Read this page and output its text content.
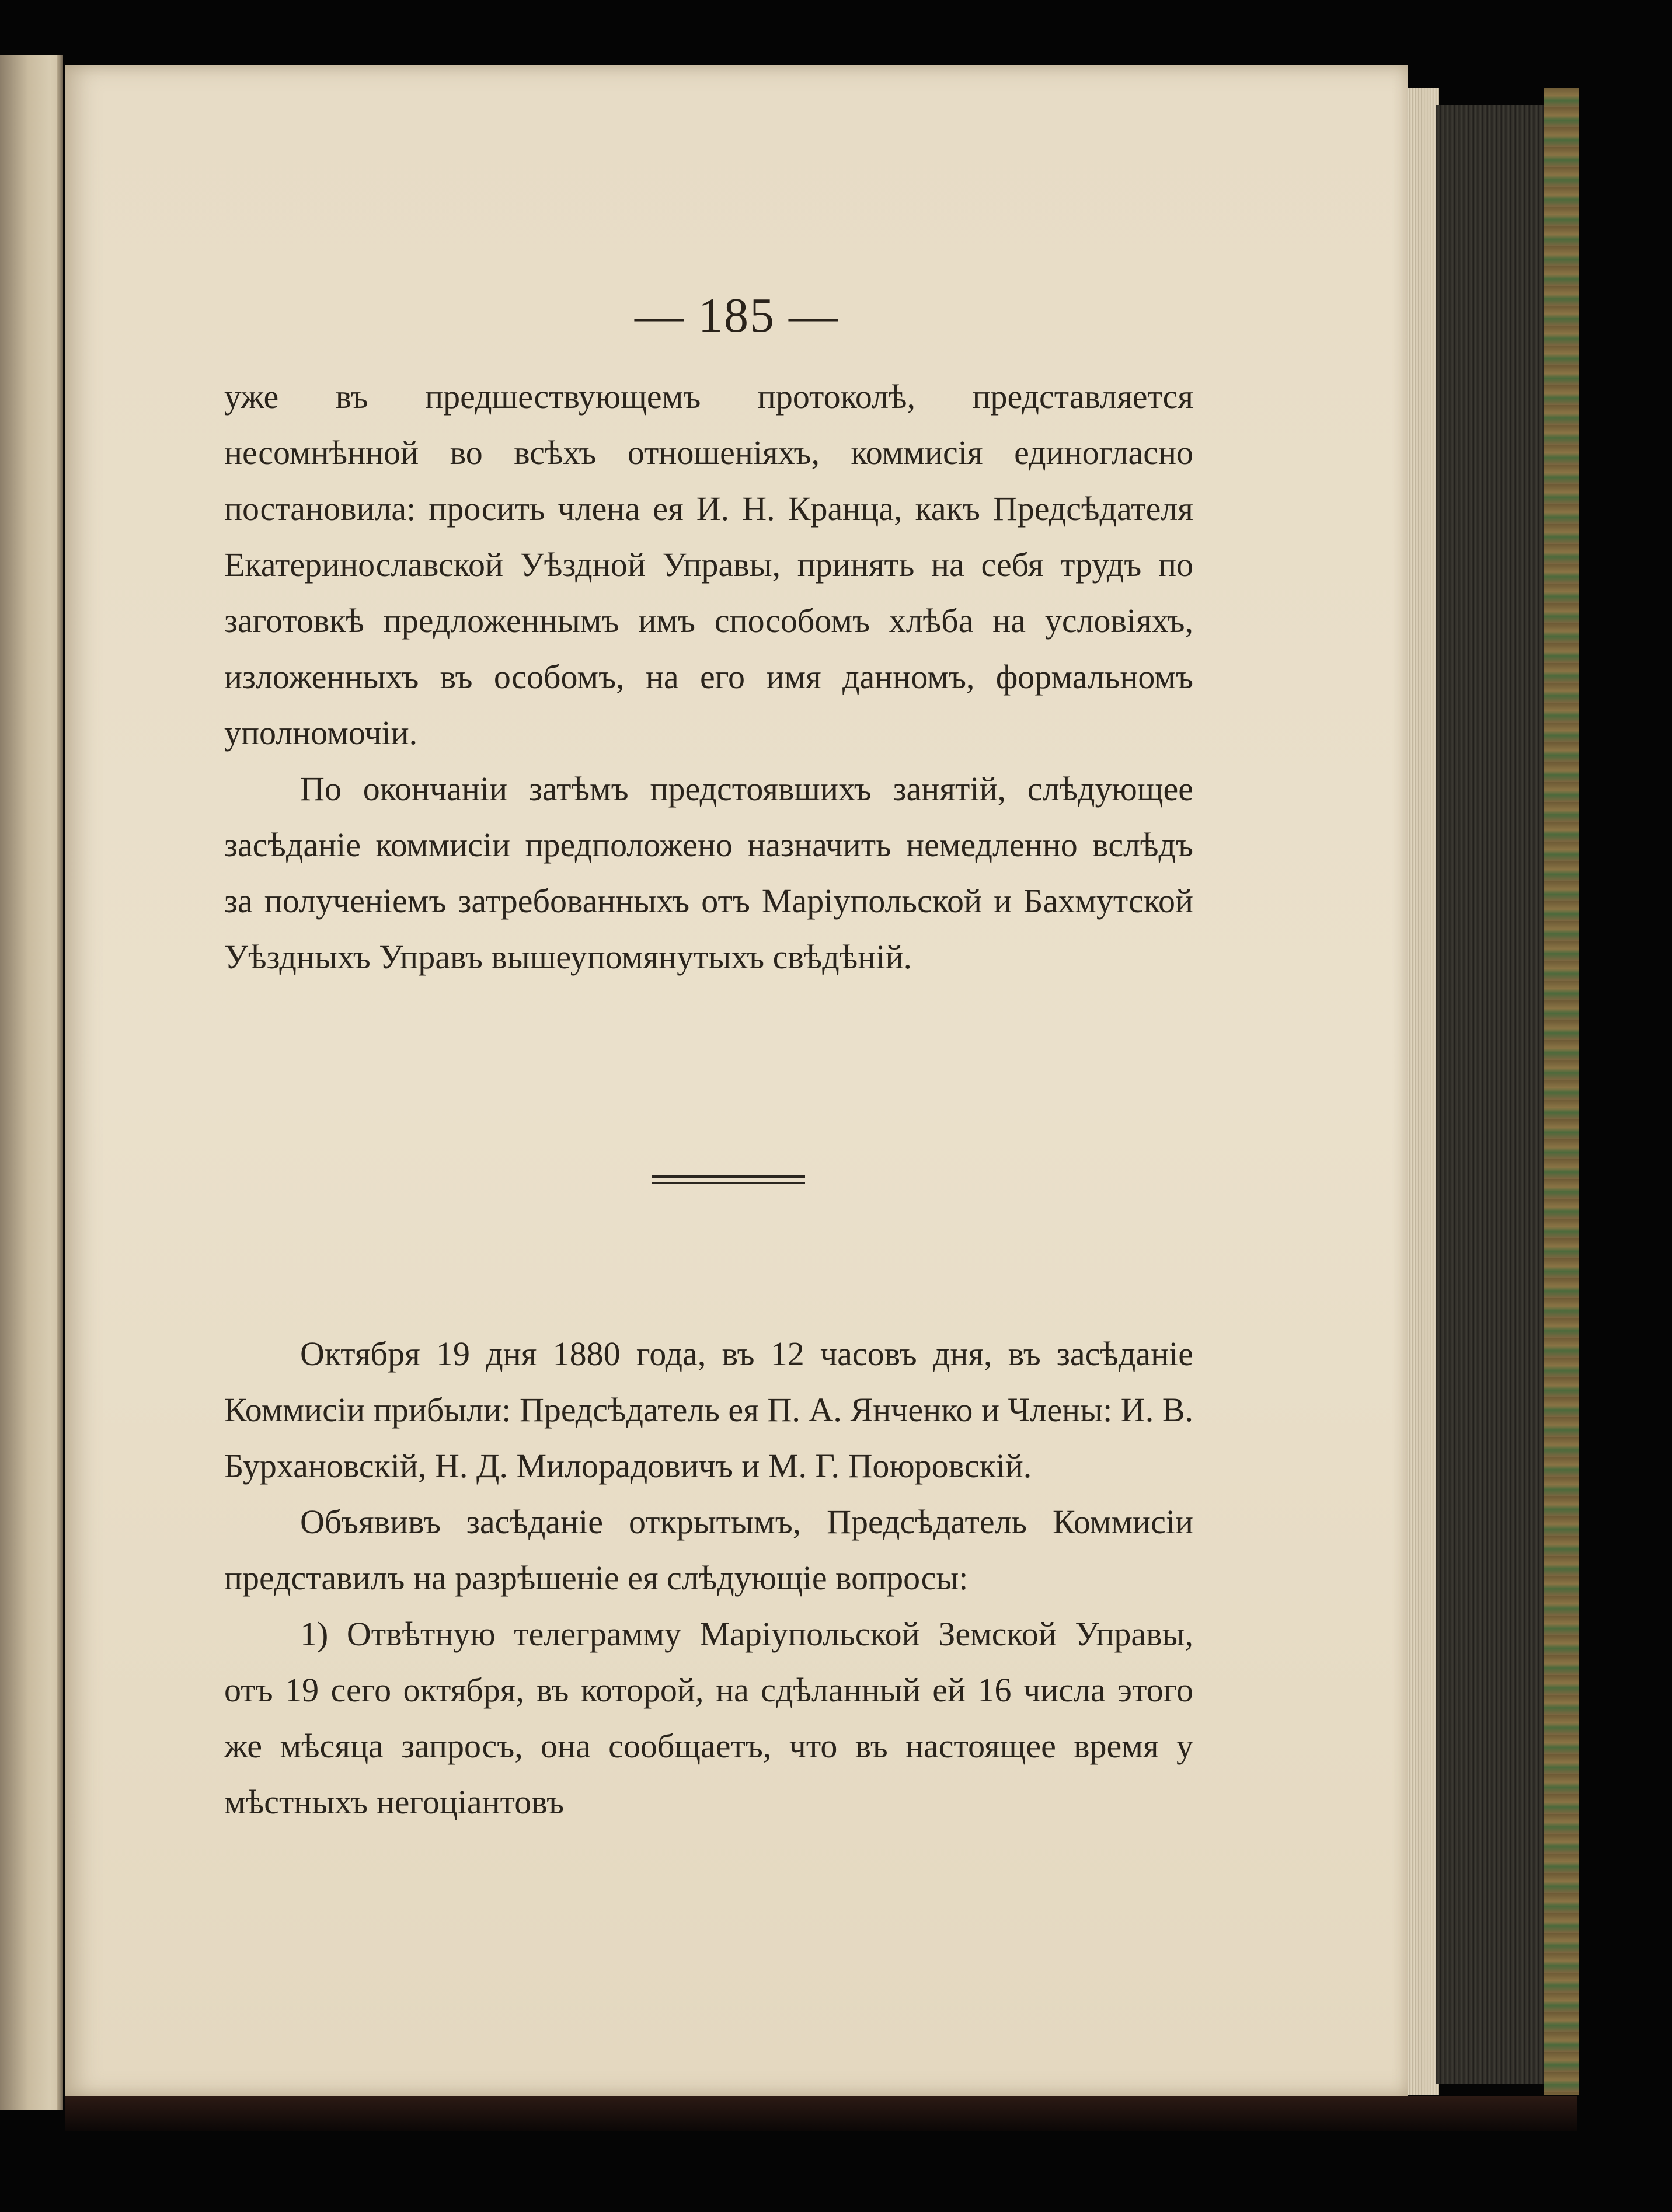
— 185 —

уже въ предшествующемъ протоколѣ, представляется несомнѣнной во всѣхъ отношеніяхъ, коммисія единогласно постановила: просить члена ея И. Н. Кранца, какъ Предсѣдателя Екатеринославской Уѣздной Управы, принять на себя трудъ по заготовкѣ предложеннымъ имъ способомъ хлѣба на условіяхъ, изложенныхъ въ особомъ, на его имя данномъ, формальномъ уполномочіи.

По окончаніи затѣмъ предстоявшихъ занятій, слѣдующее засѣданіе коммисіи предположено назначить немедленно вслѣдъ за полученіемъ затребованныхъ отъ Маріупольской и Бахмутской Уѣздныхъ Управъ вышеупомянутыхъ свѣдѣній.

Октября 19 дня 1880 года, въ 12 часовъ дня, въ засѣданіе Коммисіи прибыли: Предсѣдатель ея П. А. Янченко и Члены: И. В. Бурхановскій, Н. Д. Милорадовичъ и М. Г. Поюровскій.

Объявивъ засѣданіе открытымъ, Предсѣдатель Коммисіи представилъ на разрѣшеніе ея слѣдующіе вопросы:

1) Отвѣтную телеграмму Маріупольской Земской Управы, отъ 19 сего октября, въ которой, на сдѣланный ей 16 числа этого же мѣсяца запросъ, она сообщаетъ, что въ настоящее время у мѣстныхъ негоціантовъ
